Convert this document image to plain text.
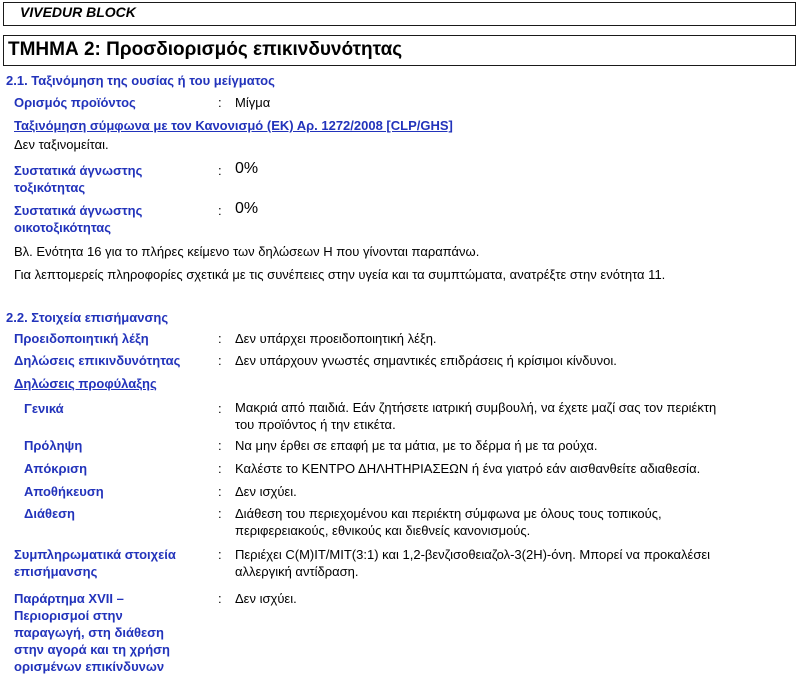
VIVEDUR BLOCK
ΤΜΗΜΑ 2: Προσδιορισμός επικινδυνότητας
2.1. Ταξινόμηση της ουσίας ή του μείγματος
Ορισμός προϊόντος	: Μίγμα
Ταξινόμηση σύμφωνα με τον Κανονισμό (ΕΚ) Αρ. 1272/2008 [CLP/GHS]
Δεν ταξινομείται.
Συστατικά άγνωστης
τοξικότητας
: 0%
Συστατικά άγνωστης
οικοτοξικότητας
: 0%
Βλ. Ενότητα 16 για το πλήρες κείμενο των δηλώσεων H που γίνονται παραπάνω.
Για λεπτομερείς πληροφορίες σχετικά με τις συνέπειες στην υγεία και τα συμπτώματα, ανατρέξτε στην ενότητα 11.
2.2. Στοιχεία επισήμανσης
Προειδοποιητική λέξη	: Δεν υπάρχει προειδοποιητική λέξη.
Δηλώσεις επικινδυνότητας	: Δεν υπάρχουν γνωστές σημαντικές επιδράσεις ή κρίσιμοι κίνδυνοι.
Δηλώσεις προφύλαξης
Γενικά	: Μακριά από παιδιά. Εάν ζητήσετε ιατρική συμβουλή, να έχετε μαζί σας τον περιέκτη
του προϊόντος ή την ετικέτα.
Πρόληψη	: Να μην έρθει σε επαφή με τα μάτια, με το δέρμα ή με τα ρούχα.
Απόκριση	: Καλέστε το ΚΕΝΤΡΟ ΔΗΛΗΤΗΡΙΑΣΕΩΝ ή ένα γιατρό εάν αισθανθείτε αδιαθεσία.
Αποθήκευση	: Δεν ισχύει.
Διάθεση	: Διάθεση του περιεχομένου και περιέκτη σύμφωνα με όλους τους τοπικούς,
περιφερειακούς, εθνικούς και διεθνείς κανονισμούς.
Συμπληρωματικά στοιχεία
επισήμανσης
: Περιέχει C(M)IT/MIT(3:1) και 1,2-βενζισοθειαζολ-3(2H)-όνη. Μπορεί να προκαλέσει
αλλεργική αντίδραση.
Παράρτημα XVII –
Περιορισμοί στην
παραγωγή, στη διάθεση
στην αγορά και τη χρήση
ορισμένων επικίνδυνων
: Δεν ισχύει.
